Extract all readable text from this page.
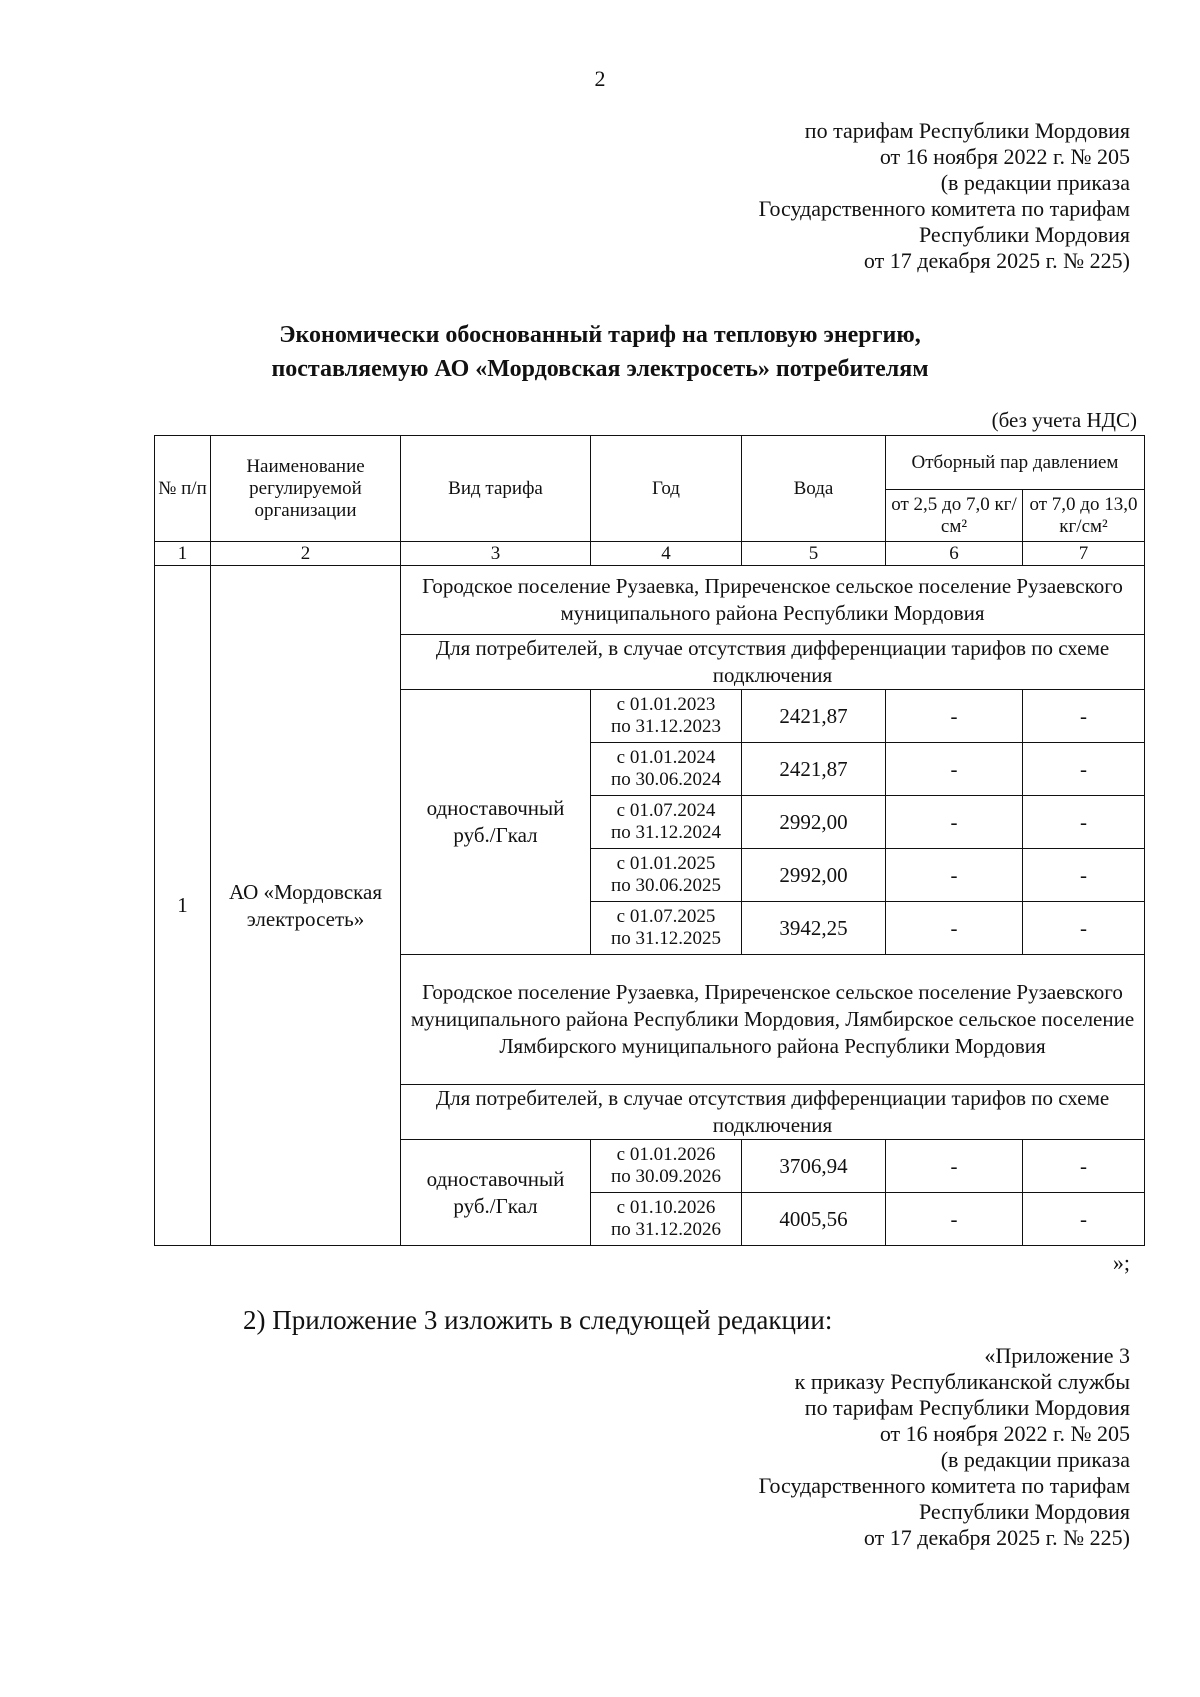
2
по тарифам Республики Мордовия
от 16 ноября 2022 г. № 205
(в редакции приказа
Государственного комитета по тарифам
Республики Мордовия
от 17 декабря 2025 г. № 225)
Экономически обоснованный тариф на тепловую энергию,
поставляемую АО «Мордовская электросеть» потребителям
(без учета НДС)
№ п/п	Наименование регулируемой организации	Вид тарифа	Год	Вода	Отборный пар давлением	
					от 2,5 до 7,0 кг/см²	от 7,0 до 13,0 кг/см²
1	2	3	4	5	6	7
1	АО «Мордовская электросеть»	Городское поселение Рузаевка, Приреченское сельское поселение Рузаевского муниципального района Республики Мордовия				
		Для потребителей, в случае отсутствия дифференциации тарифов по схеме подключения				
		одноставочный руб./Гкал	с 01.01.2023
по 31.12.2023	2421,87	-	-

			с 01.01.2024
по 30.06.2024	2421,87	-	-

			с 01.07.2024
по 31.12.2024	2992,00	-	-

			с 01.01.2025
по 30.06.2025	2992,00	-	-

			с 01.07.2025
по 31.12.2025	3942,25	-	-
		Городское поселение Рузаевка, Приреченское сельское поселение Рузаевского муниципального района Республики Мордовия, Лямбирское сельское поселение Лямбирского муниципального района Республики Мордовия				
		Для потребителей, в случае отсутствия дифференциации тарифов по схеме подключения				
		одноставочный руб./Гкал	с 01.01.2026
по 30.09.2026	3706,94	-	-

			с 01.10.2026
по 31.12.2026	4005,56	-	-
»;
2) Приложение 3 изложить в следующей редакции:
«Приложение 3
к приказу Республиканской службы
по тарифам Республики Мордовия
от 16 ноября 2022 г. № 205
(в редакции приказа
Государственного комитета по тарифам
Республики Мордовия
от 17 декабря 2025 г. № 225)
